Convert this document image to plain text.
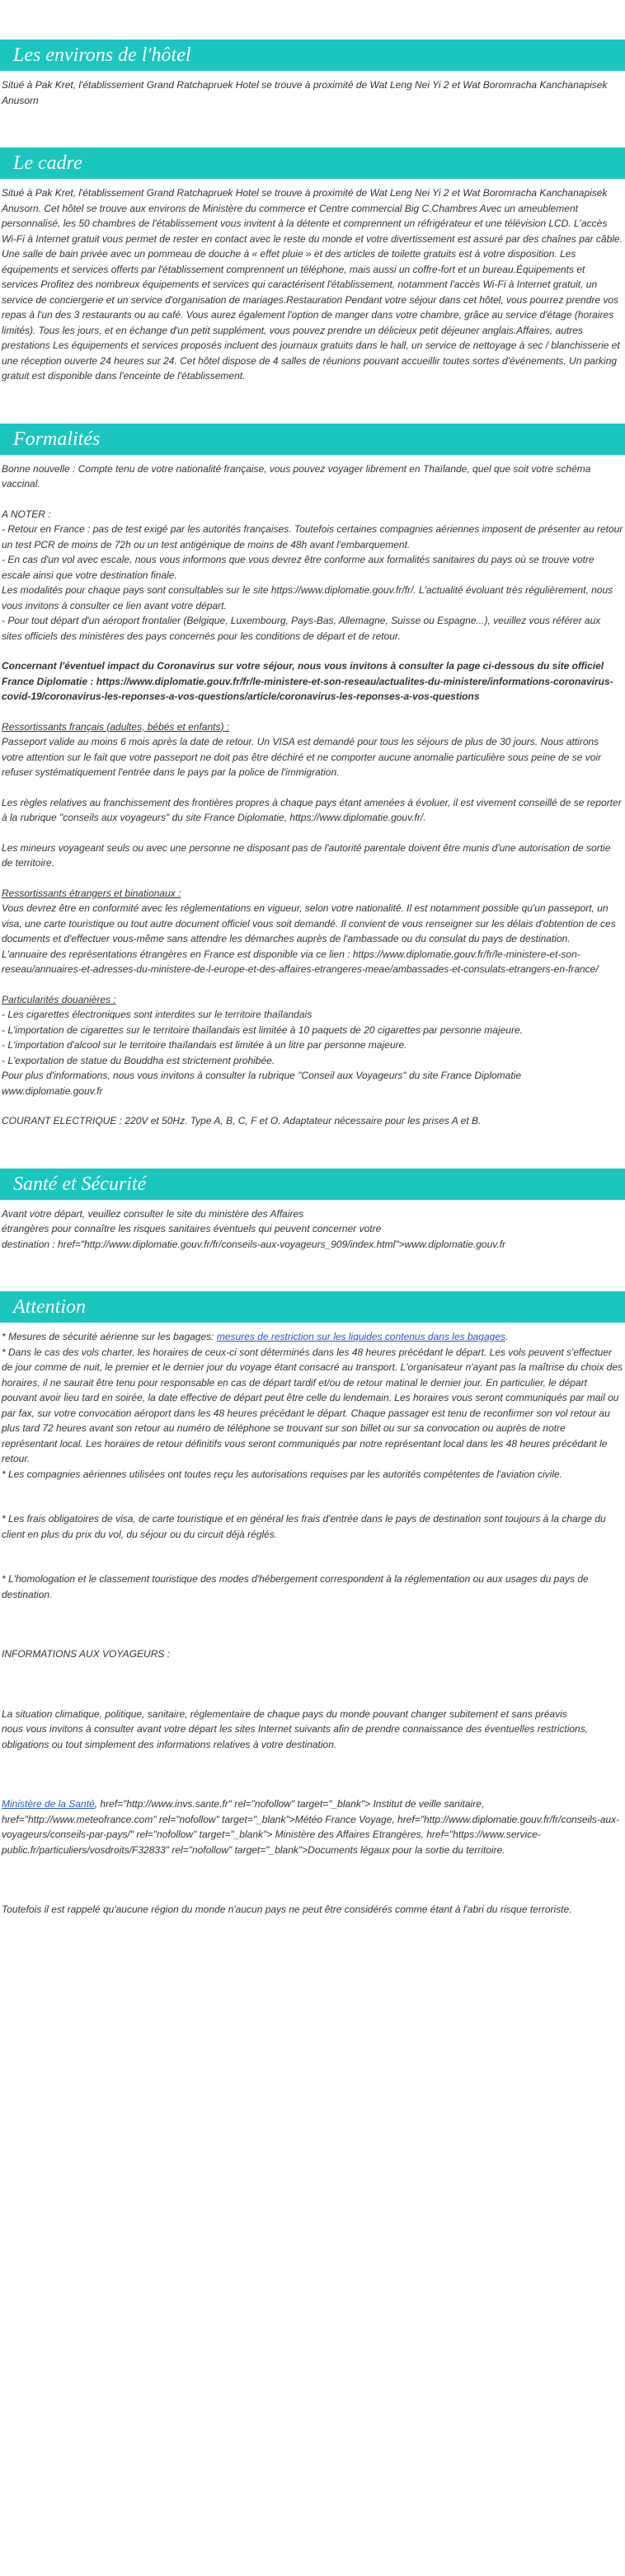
Les environs de l'hôtel

Situé à Pak Kret, l'établissement Grand Ratchapruek Hotel se trouve à proximité de Wat Leng Nei Yi 2 et Wat Boromracha Kanchanapisek Anusorn

Le cadre

Situé à Pak Kret, l'établissement Grand Ratchapruek Hotel se trouve à proximité de Wat Leng Nei Yi 2 et Wat Boromracha Kanchanapisek Anusorn. Cet hôtel se trouve aux environs de Ministère du commerce et Centre commercial Big C.Chambres Avec un ameublement personnalisé, les 50 chambres de l'établissement vous invitent à la détente et comprennent un réfrigérateur et une télévision LCD. L'accès Wi-Fi à Internet gratuit vous permet de rester en contact avec le reste du monde et votre divertissement est assuré par des chaînes par câble. Une salle de bain privée avec un pommeau de douche à « effet pluie » et des articles de toilette gratuits est à votre disposition. Les équipements et services offerts par l'établissement comprennent un téléphone, mais aussi un coffre-fort et un bureau.Équipements et services Profitez des nombreux équipements et services qui caractérisent l'établissement, notamment l'accès Wi-Fi à Internet gratuit, un service de conciergerie et un service d'organisation de mariages.Restauration Pendant votre séjour dans cet hôtel, vous pourrez prendre vos repas à l'un des 3 restaurants ou au café. Vous aurez également l'option de manger dans votre chambre, grâce au service d'étage (horaires limités). Tous les jours, et en échange d'un petit supplément, vous pouvez prendre un délicieux petit déjeuner anglais.Affaires, autres prestations Les équipements et services proposés incluent des journaux gratuits dans le hall, un service de nettoyage à sec / blanchisserie et une réception ouverte 24 heures sur 24. Cet hôtel dispose de 4 salles de réunions pouvant accueillir toutes sortes d'événements. Un parking gratuit est disponible dans l'enceinte de l'établissement.

Formalités

Bonne nouvelle : Compte tenu de votre nationalité française, vous pouvez voyager librement en Thaïlande, quel que soit votre schéma vaccinal.

A NOTER :

- Retour en France : pas de test exigé par les autorités françaises. Toutefois certaines compagnies aériennes imposent de présenter au retour un test PCR de moins de 72h ou un test antigénique de moins de 48h avant l'embarquement.

- En cas d'un vol avec escale, nous vous informons que vous devrez être conforme aux formalités sanitaires du pays où se trouve votre escale ainsi que votre destination finale.

Les modalités pour chaque pays sont consultables sur le site https://www.diplomatie.gouv.fr/fr/. L'actualité évoluant très régulièrement, nous vous invitons à consulter ce lien avant votre départ.

- Pour tout départ d'un aéroport frontalier (Belgique, Luxembourg, Pays-Bas, Allemagne, Suisse ou Espagne...), veuillez vous référer aux sites officiels des ministères des pays concernés pour les conditions de départ et de retour.

Concernant l'éventuel impact du Coronavirus sur votre séjour, nous vous invitons à consulter la page ci-dessous du site officiel France Diplomatie : https://www.diplomatie.gouv.fr/fr/le-ministere-et-son-reseau/actualites-du-ministere/informations-coronavirus-covid-19/coronavirus-les-reponses-a-vos-questions/article/coronavirus-les-reponses-a-vos-questions

Ressortissants français (adultes, bébés et enfants) :

Passeport valide au moins 6 mois après la date de retour. Un VISA est demandé pour tous les séjours de plus de 30 jours. Nous attirons votre attention sur le fait que votre passeport ne doit pas être déchiré et ne comporter aucune anomalie particulière sous peine de se voir refuser systématiquement l'entrée dans le pays par la police de l'immigration.

Les règles relatives au franchissement des frontières propres à chaque pays étant amenées à évoluer, il est vivement conseillé de se reporter à la rubrique "conseils aux voyageurs" du site France Diplomatie, https://www.diplomatie.gouv.fr/.

Les mineurs voyageant seuls ou avec une personne ne disposant pas de l'autorité parentale doivent être munis d'une autorisation de sortie de territoire.

Ressortissants étrangers et binationaux :

Vous devrez être en conformité avec les réglementations en vigueur, selon votre nationalité. Il est notamment possible qu'un passeport, un visa, une carte touristique ou tout autre document officiel vous soit demandé. Il convient de vous renseigner sur les délais d'obtention de ces documents et d'effectuer vous-même sans attendre les démarches auprès de l'ambassade ou du consulat du pays de destination.

L'annuaire des représentations étrangères en France est disponible via ce lien : https://www.diplomatie.gouv.fr/fr/le-ministere-et-son-reseau/annuaires-et-adresses-du-ministere-de-l-europe-et-des-affaires-etrangeres-meae/ambassades-et-consulats-etrangers-en-france/

Particularités douanières :

- Les cigarettes électroniques sont interdites sur le territoire thaïlandais

- L'importation de cigarettes sur le territoire thaïlandais est limitée à 10 paquets de 20 cigarettes par personne majeure.

- L'importation d'alcool sur le territoire thaïlandais est limitée à un litre par personne majeure.

- L'exportation de statue du Bouddha est strictement prohibée.

Pour plus d'informations, nous vous invitons à consulter la rubrique "Conseil aux Voyageurs" du site France Diplomatie www.diplomatie.gouv.fr

COURANT ELECTRIQUE : 220V et 50Hz. Type A, B, C, F et O. Adaptateur nécessaire pour les prises A et B.

Santé et Sécurité

Avant votre départ, veuillez consulter le site du ministère des Affaires

étrangères pour connaître les risques sanitaires éventuels qui peuvent concerner votre

destination : href="http://www.diplomatie.gouv.fr/fr/conseils-aux-voyageurs_909/index.html">www.diplomatie.gouv.fr

Attention

* Mesures de sécurité aérienne sur les bagages: mesures de restriction sur les liquides contenus dans les bagages.

* Dans le cas des vols charter, les horaires de ceux-ci sont déterminés dans les 48 heures précédant le départ. Les vols peuvent s'effectuer de jour comme de nuit, le premier et le dernier jour du voyage étant consacré au transport. L'organisateur n'ayant pas la maîtrise du choix des horaires, il ne saurait être tenu pour responsable en cas de départ tardif et/ou de retour matinal le dernier jour. En particulier, le départ pouvant avoir lieu tard en soirée, la date effective de départ peut être celle du lendemain. Les horaires vous seront communiqués par mail ou par fax, sur votre convocation aéroport dans les 48 heures précédant le départ. Chaque passager est tenu de reconfirmer son vol retour au plus tard 72 heures avant son retour au numéro de téléphone se trouvant sur son billet ou sur sa convocation ou auprès de notre représentant local. Les horaires de retour définitifs vous seront communiqués par notre représentant local dans les 48 heures précédant le retour.

* Les compagnies aériennes utilisées ont toutes reçu les autorisations requises par les autorités compétentes de l'aviation civile.

* Les frais obligatoires de visa, de carte touristique et en général les frais d'entrée dans le pays de destination sont toujours à la charge du client en plus du prix du vol, du séjour ou du circuit déjà réglés.

* L'homologation et le classement touristique des modes d'hébergement correspondent à la réglementation ou aux usages du pays de destination.

INFORMATIONS AUX VOYAGEURS :

La situation climatique, politique, sanitaire, réglementaire de chaque pays du monde pouvant changer subitement et sans préavis

nous vous invitons à consulter avant votre départ les sites Internet suivants afin de prendre connaissance des éventuelles restrictions, obligations ou tout simplement des informations relatives à votre destination.

Ministère de la Santé, href="http://www.invs.sante.fr" rel="nofollow" target="_blank"> Institut de veille sanitaire, href="http://www.meteofrance.com" rel="nofollow" target="_blank">Météo France Voyage, href="http://www.diplomatie.gouv.fr/fr/conseils-aux-voyageurs/conseils-par-pays/" rel="nofollow" target="_blank"> Ministère des Affaires Etrangères, href="https://www.service-public.fr/particuliers/vosdroits/F32833" rel="nofollow" target="_blank">Documents légaux pour la sortie du territoire.

Toutefois il est rappelé qu'aucune région du monde n'aucun pays ne peut être considérés comme étant à l'abri du risque terroriste.
